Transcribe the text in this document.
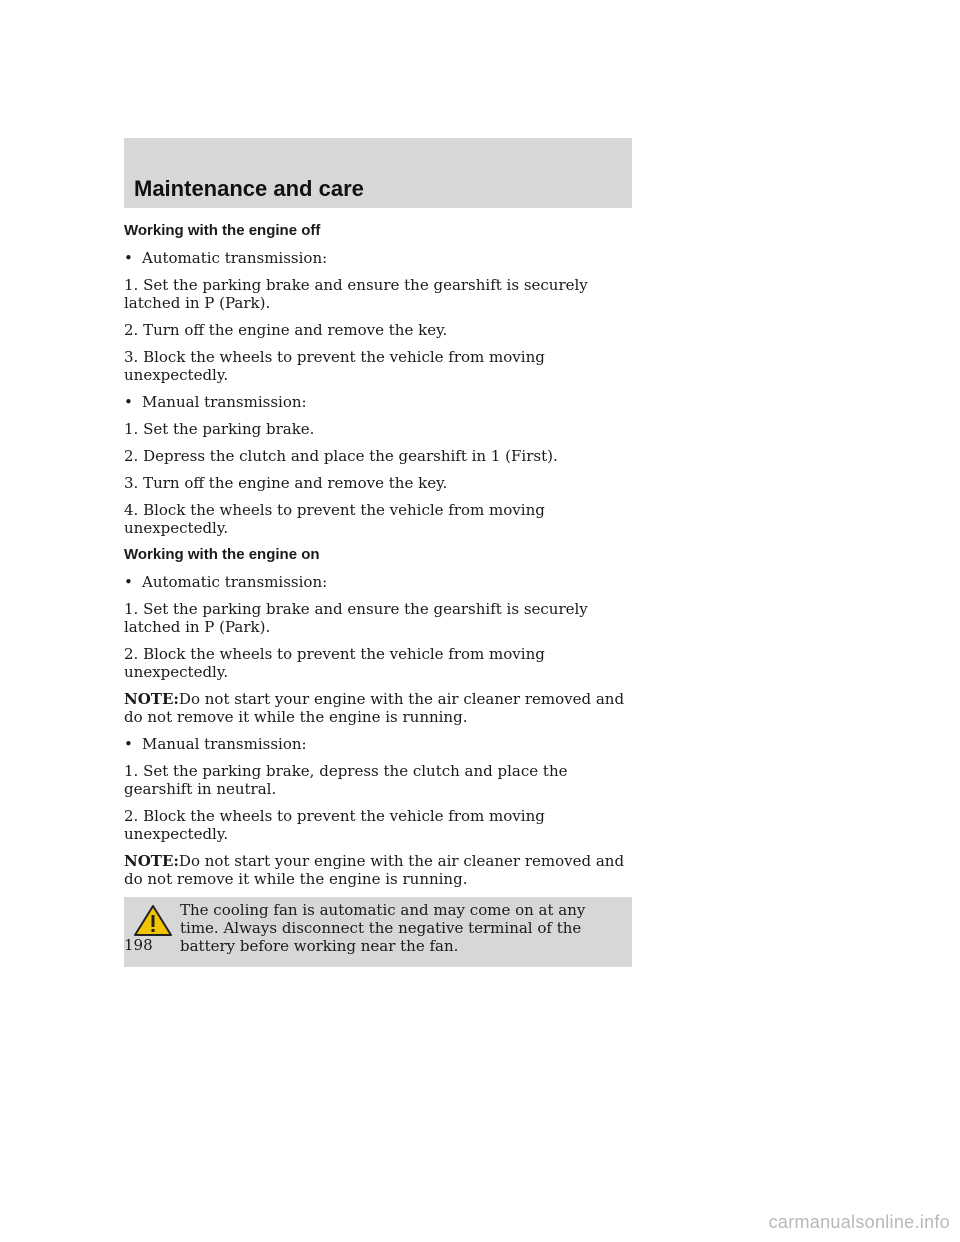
Maintenance and care
Working with the engine off

• Automatic transmission:

1. Set the parking brake and ensure the gearshift is securely latched in P (Park).

2. Turn off the engine and remove the key.

3. Block the wheels to prevent the vehicle from moving unexpectedly.

• Manual transmission:

1. Set the parking brake.

2. Depress the clutch and place the gearshift in 1 (First).

3. Turn off the engine and remove the key.

4. Block the wheels to prevent the vehicle from moving unexpectedly.

Working with the engine on

• Automatic transmission:

1. Set the parking brake and ensure the gearshift is securely latched in P (Park).

2. Block the wheels to prevent the vehicle from moving unexpectedly.

NOTE:Do not start your engine with the air cleaner removed and do not remove it while the engine is running.

• Manual transmission:

1. Set the parking brake, depress the clutch and place the gearshift in neutral.

2. Block the wheels to prevent the vehicle from moving unexpectedly.

NOTE:Do not start your engine with the air cleaner removed and do not remove it while the engine is running.

The cooling fan is automatic and may come on at any time. Always disconnect the negative terminal of the battery before working near the fan.

198

carmanualsonline.info
